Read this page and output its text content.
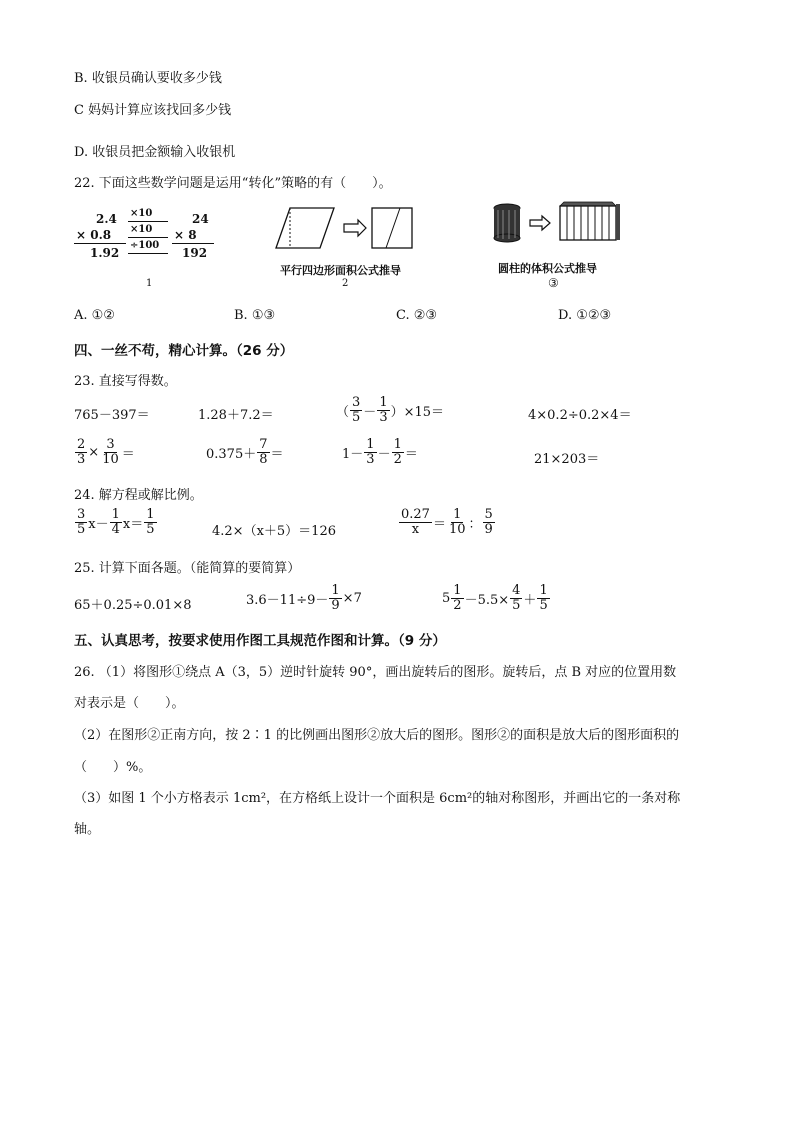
B. 收银员确认要收多少钱
C 妈妈计算应该找回多少钱
D. 收银员把金额输入收银机
22. 下面这些数学问题是运用“转化”策略的有（　　）。
2.4
× 0.8
1.92
×10
×10
÷100
24
× 8
192
1
平行四边形面积公式推导
2
圆柱的体积公式推导
③
A. ①②	B. ①③	C. ②③	D. ①②③
四、一丝不苟，精心计算。（26 分）
23. 直接写得数。
765－397＝	1.28＋7.2＝	（ $\frac{3}{5} - \frac{1}{3} )\times 15=$	4×0.2÷0.2×4＝
$\frac{2}{3} \times \frac{3}{10}$ ＝	$0.375+ \frac{7}{8}$ ＝	$1- \frac{1}{3} - \frac{1}{2}$ ＝	21×203＝
24. 解方程或解比例。
$\frac{3}{5} x- \frac{1}{4} x= \frac{1}{5}$	4.2×（x＋5）＝126	$\frac{0.27}{x} = \frac{1}{10}$ ： $\frac{5}{9}$
25. 计算下面各题。（能简算的要简算）
65＋0.25÷0.01×8	$3.6-11\div 9- \frac{1}{9} \times 7$	$5 \frac{1}{2} -5.5\times \frac{4}{5} + \frac{1}{5}$
五、认真思考，按要求使用作图工具规范作图和计算。（9 分）
26. （1）将图形①绕点 A（3，5）逆时针旋转 90°，画出旋转后的图形。旋转后，点 B 对应的位置用数
对表示是（　　）。
（2）在图形②正南方向，按 2∶1 的比例画出图形②放大后的图形。图形②的面积是放大后的图形面积的
（　　）%。
（3）如图 1 个小方格表示 1cm²，在方格纸上设计一个面积是 6cm²的轴对称图形，并画出它的一条对称
轴。
